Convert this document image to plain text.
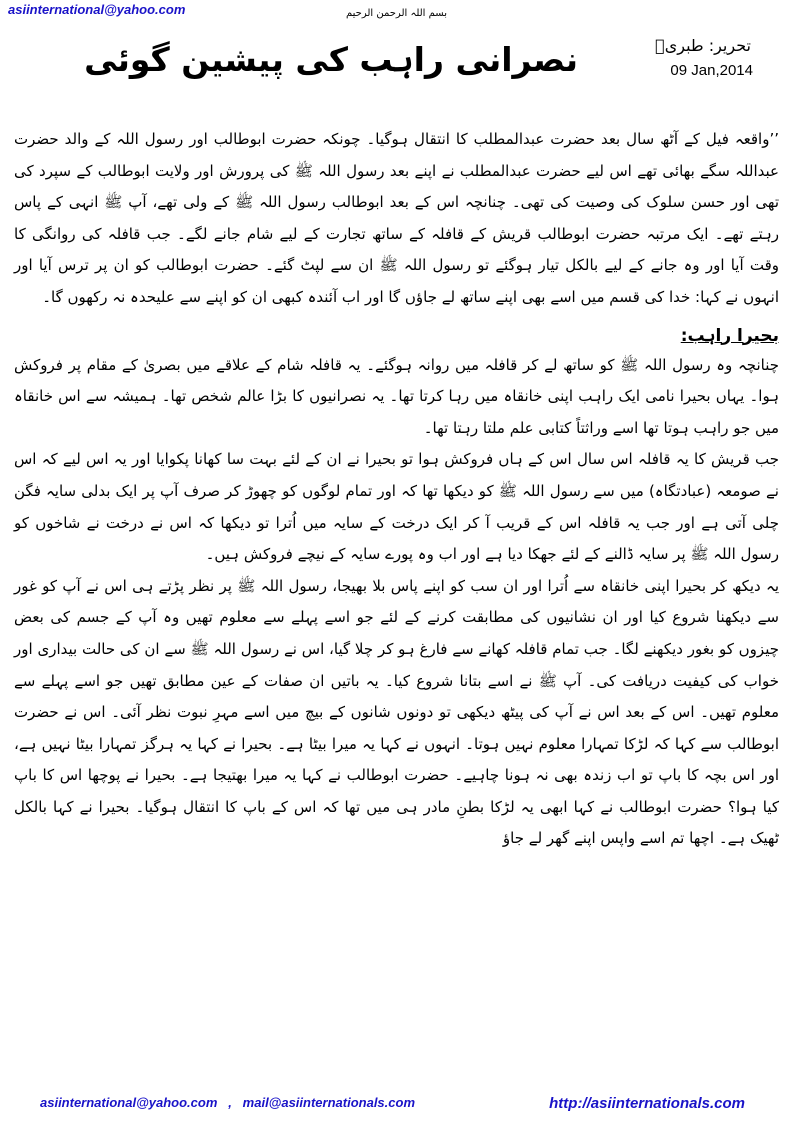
asiinternational@yahoo.com	بسم اللہ الرحمن الرحیم
تحریر: طبریؒ
09 Jan,2014
نصرانی راہب کی پیشین گوئی

’’واقعہ فیل کے آٹھ سال بعد حضرت عبدالمطلب کا انتقال ہوگیا۔ چونکہ حضرت ابوطالب اور رسول اللہ کے والد حضرت عبداللہ سگے بھائی تھے اس لیے حضرت عبدالمطلب نے اپنے بعد رسول اللہ ﷺ کی پرورش اور ولایت ابوطالب کے سپرد کی تھی اور حسن سلوک کی وصیت کی تھی۔ چنانچہ اس کے بعد ابوطالب رسول اللہ ﷺ کے ولی تھے، آپ ﷺ انہی کے پاس رہتے تھے۔ ایک مرتبہ حضرت ابوطالب قریش کے قافلہ کے ساتھ تجارت کے لیے شام جانے لگے۔ جب قافلہ کی روانگی کا وقت آیا اور وہ جانے کے لیے بالکل تیار ہوگئے تو رسول اللہ ﷺ ان سے لپٹ گئے۔ حضرت ابوطالب کو ان پر ترس آیا اور انہوں نے کہا: خدا کی قسم میں اسے بھی اپنے ساتھ لے جاؤں گا اور اب آئندہ کبھی ان کو اپنے سے علیحدہ نہ رکھوں گا۔

بحیرا راہب:

چنانچہ وہ رسول اللہ ﷺ کو ساتھ لے کر قافلہ میں روانہ ہوگئے۔ یہ قافلہ شام کے علاقے میں بصریٰ کے مقام پر فروکش ہوا۔ یہاں بحیرا نامی ایک راہب اپنی خانقاہ میں رہا کرتا تھا۔ یہ نصرانیوں کا بڑا عالم شخص تھا۔ ہمیشہ سے اس خانقاہ میں جو راہب ہوتا تھا اسے وراثتاً کتابی علم ملتا رہتا تھا۔

جب قریش کا یہ قافلہ اس سال اس کے ہاں فروکش ہوا تو بحیرا نے ان کے لئے بہت سا کھانا پکوایا اور یہ اس لیے کہ اس نے صومعہ (عبادتگاہ) میں سے رسول اللہ ﷺ کو دیکھا تھا کہ اور تمام لوگوں کو چھوڑ کر صرف آپ پر ایک بدلی سایہ فگن چلی آتی ہے اور جب یہ قافلہ اس کے قریب آ کر ایک درخت کے سایہ میں اُترا تو دیکھا کہ اس نے درخت نے شاخوں کو رسول اللہ ﷺ پر سایہ ڈالنے کے لئے جھکا دیا ہے اور اب وہ پورے سایہ کے نیچے فروکش ہیں۔

یہ دیکھ کر بحیرا اپنی خانقاہ سے اُترا اور ان سب کو اپنے پاس بلا بھیجا، رسول اللہ ﷺ پر نظر پڑتے ہی اس نے آپ کو غور سے دیکھنا شروع کیا اور ان نشانیوں کی مطابقت کرنے کے لئے جو اسے پہلے سے معلوم تھیں وہ آپ کے جسم کی بعض چیزوں کو بغور دیکھنے لگا۔ جب تمام قافلہ کھانے سے فارغ ہو کر چلا گیا، اس نے رسول اللہ ﷺ سے ان کی حالت بیداری اور خواب کی کیفیت دریافت کی۔ آپ ﷺ نے اسے بتانا شروع کیا۔ یہ باتیں ان صفات کے عین مطابق تھیں جو اسے پہلے سے معلوم تھیں۔ اس کے بعد اس نے آپ کی پیٹھ دیکھی تو دونوں شانوں کے بیچ میں اسے مہرِ نبوت نظر آئی۔ اس نے حضرت ابوطالب سے کہا کہ لڑکا تمہارا معلوم نہیں ہوتا۔ انہوں نے کہا یہ میرا بیٹا ہے۔ بحیرا نے کہا یہ ہرگز تمہارا بیٹا نہیں ہے، اور اس بچہ کا باپ تو اب زندہ بھی نہ ہونا چاہیے۔ حضرت ابوطالب نے کہا یہ میرا بھتیجا ہے۔ بحیرا نے پوچھا اس کا باپ کیا ہوا؟ حضرت ابوطالب نے کہا ابھی یہ لڑکا بطنِ مادر ہی میں تھا کہ اس کے باپ کا انتقال ہوگیا۔ بحیرا نے کہا بالکل ٹھیک ہے۔ اچھا تم اسے واپس اپنے گھر لے جاؤ

asiinternational@yahoo.com   ,   mail@asiinternationals.com	http://asiinternationals.com
